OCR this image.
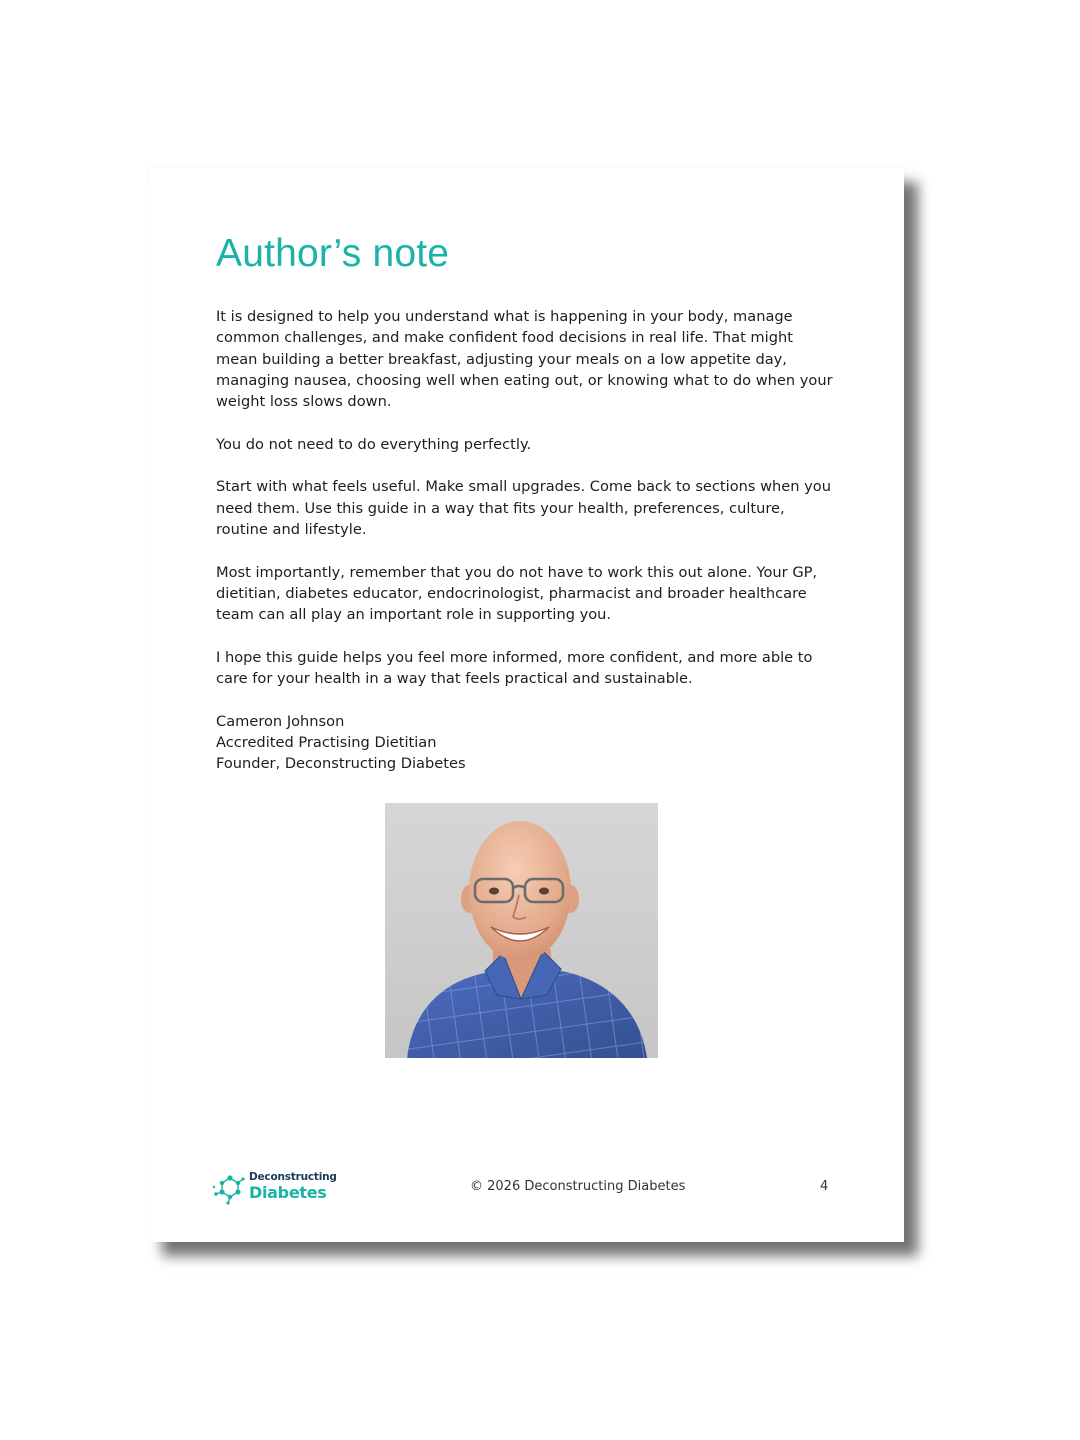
Author’s note

It is designed to help you understand what is happening in your body, manage common challenges, and make confident food decisions in real life. That might mean building a better breakfast, adjusting your meals on a low appetite day, managing nausea, choosing well when eating out, or knowing what to do when your weight loss slows down.

You do not need to do everything perfectly.

Start with what feels useful. Make small upgrades. Come back to sections when you need them. Use this guide in a way that fits your health, preferences, culture, routine and lifestyle.

Most importantly, remember that you do not have to work this out alone. Your GP, dietitian, diabetes educator, endocrinologist, pharmacist and broader healthcare team can all play an important role in supporting you.

I hope this guide helps you feel more informed, more confident, and more able to care for your health in a way that feels practical and sustainable.

Cameron Johnson
Accredited Practising Dietitian
Founder, Deconstructing Diabetes
Deconstructing
Diabetes	© 2026 Deconstructing Diabetes	4
